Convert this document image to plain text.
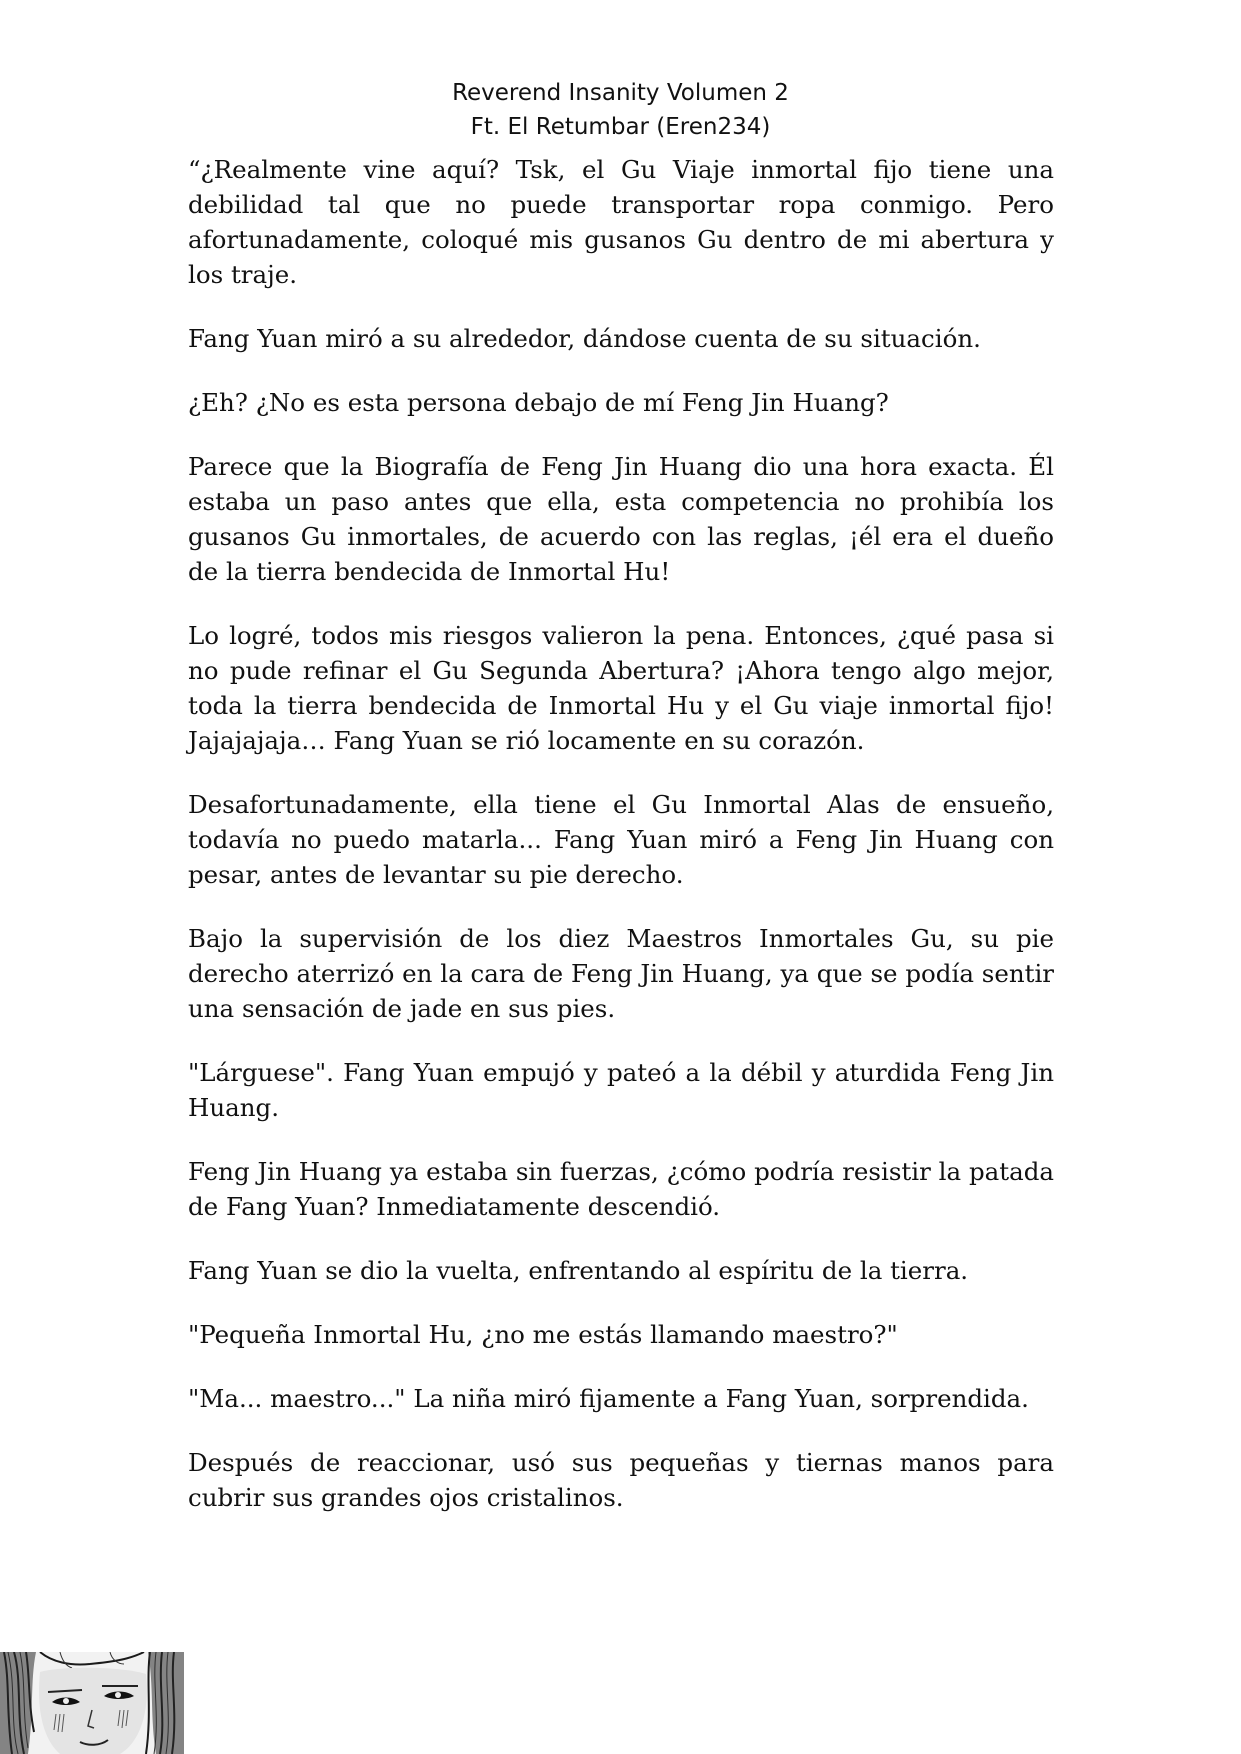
Reverend Insanity Volumen 2
Ft. El Retumbar (Eren234)

“¿Realmente vine aquí? Tsk, el Gu Viaje inmortal fijo tiene una debilidad tal que no puede transportar ropa conmigo. Pero afortunadamente, coloqué mis gusanos Gu dentro de mi abertura y los traje.

Fang Yuan miró a su alrededor, dándose cuenta de su situación.

¿Eh? ¿No es esta persona debajo de mí Feng Jin Huang?

Parece que la Biografía de Feng Jin Huang dio una hora exacta. Él estaba un paso antes que ella, esta competencia no prohibía los gusanos Gu inmortales, de acuerdo con las reglas, ¡él era el dueño de la tierra bendecida de Inmortal Hu!

Lo logré, todos mis riesgos valieron la pena. Entonces, ¿qué pasa si no pude refinar el Gu Segunda Abertura? ¡Ahora tengo algo mejor, toda la tierra bendecida de Inmortal Hu y el Gu viaje inmortal fijo! Jajajajaja… Fang Yuan se rió locamente en su corazón.

Desafortunadamente, ella tiene el Gu Inmortal Alas de ensueño, todavía no puedo matarla... Fang Yuan miró a Feng Jin Huang con pesar, antes de levantar su pie derecho.

Bajo la supervisión de los diez Maestros Inmortales Gu, su pie derecho aterrizó en la cara de Feng Jin Huang, ya que se podía sentir una sensación de jade en sus pies.

"Lárguese". Fang Yuan empujó y pateó a la débil y aturdida Feng Jin Huang.

Feng Jin Huang ya estaba sin fuerzas, ¿cómo podría resistir la patada de Fang Yuan? Inmediatamente descendió.

Fang Yuan se dio la vuelta, enfrentando al espíritu de la tierra.

"Pequeña Inmortal Hu, ¿no me estás llamando maestro?"

"Ma... maestro..." La niña miró fijamente a Fang Yuan, sorprendida.

Después de reaccionar, usó sus pequeñas y tiernas manos para cubrir sus grandes ojos cristalinos.
